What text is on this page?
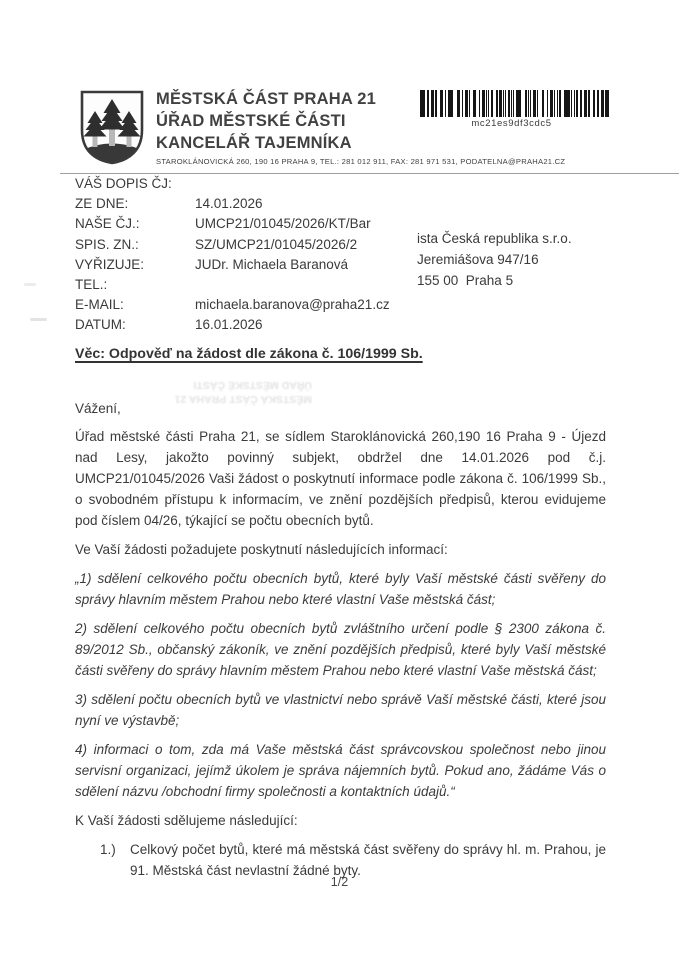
MĚSTSKÁ ČÁST PRAHA 21
ÚŘAD MĚSTSKÉ ČÁSTI
KANCELÁŘ TAJEMNÍKA
STAROKLÁNOVICKÁ 260, 190 16 PRAHA 9, TEL.: 281 012 911, FAX: 281 971 531, PODATELNA@PRAHA21.CZ
mc21es9df3cdc5
VÁŠ DOPIS ČJ:
ZE DNE:	14.01.2026
NAŠE ČJ.:	UMCP21/01045/2026/KT/Bar
SPIS. ZN.:	SZ/UMCP21/01045/2026/2
VYŘIZUJE:	JUDr. Michaela Baranová
TEL.:
E-MAIL:	michaela.baranova@praha21.cz
DATUM:	16.01.2026
ista Česká republika s.r.o.
Jeremiášova 947/16
155 00  Praha 5
Věc: Odpověď na žádost dle zákona č. 106/1999 Sb.
MĚSTSKÁ ČÁST PRAHA 21
ÚŘAD MĚSTSKÉ ČÁSTI

Vážení,

Úřad městské části Praha 21, se sídlem Staroklánovická 260,190 16 Praha 9 - Újezd nad Lesy, jakožto povinný subjekt, obdržel dne 14.01.2026 pod č.j. UMCP21/01045/2026 Vaši žádost o poskytnutí informace podle zákona č. 106/1999 Sb., o svobodném přístupu k informacím, ve znění pozdějších předpisů, kterou evidujeme pod číslem 04/26, týkající se počtu obecních bytů.

Ve Vaší žádosti požadujete poskytnutí následujících informací:

„1) sdělení celkového počtu obecních bytů, které byly Vaší městské části svěřeny do správy hlavním městem Prahou nebo které vlastní Vaše městská část;

2) sdělení celkového počtu obecních bytů zvláštního určení podle § 2300 zákona č. 89/2012 Sb., občanský zákoník, ve znění pozdějších předpisů, které byly Vaší městské části svěřeny do správy hlavním městem Prahou nebo které vlastní Vaše městská část;

3) sdělení počtu obecních bytů ve vlastnictví nebo správě Vaší městské části, které jsou nyní ve výstavbě;

4) informaci o tom, zda má Vaše městská část správcovskou společnost nebo jinou servisní organizaci, jejímž úkolem je správa nájemních bytů. Pokud ano, žádáme Vás o sdělení názvu /obchodní firmy společnosti a kontaktních údajů.“

K Vaší žádosti sdělujeme následující:

1.)	Celkový počet bytů, které má městská část svěřeny do správy hl. m. Prahou, je 91. Městská část nevlastní žádné byty.
1/2
